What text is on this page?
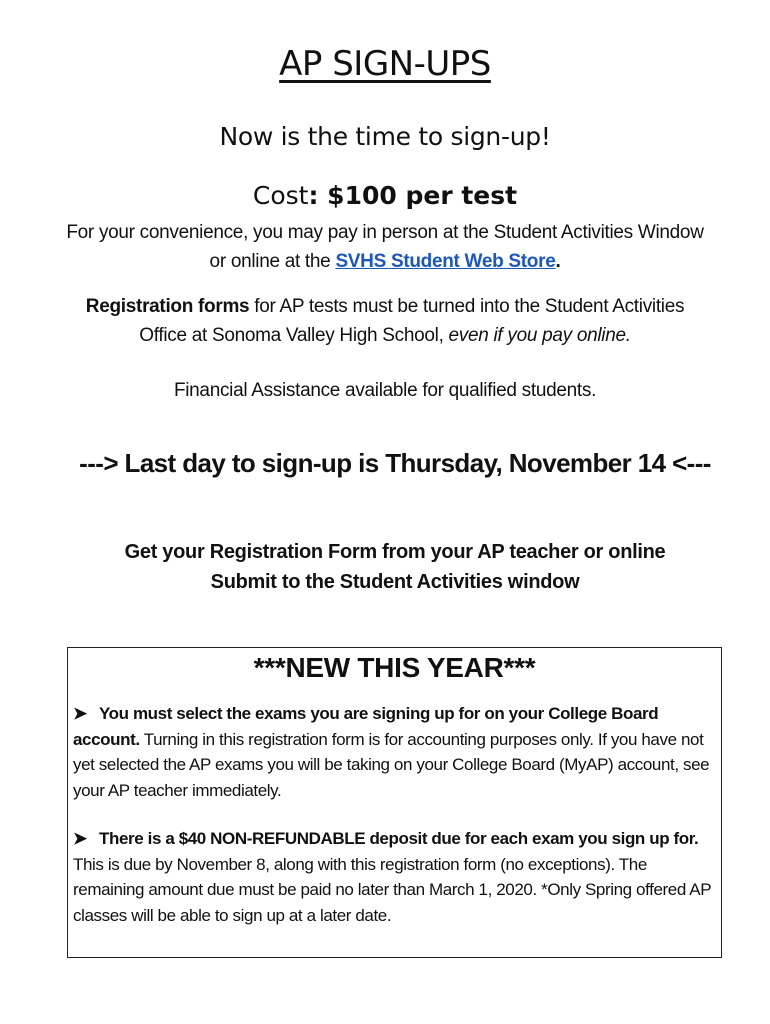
AP SIGN-UPS
Now is the time to sign-up!
Cost: $100 per test
For your convenience, you may pay in person at the Student Activities Window or online at the SVHS Student Web Store.
Registration forms for AP tests must be turned into the Student Activities Office at Sonoma Valley High School, even if you pay online.
Financial Assistance available for qualified students.
---> Last day to sign-up is Thursday, November 14 <---
Get your Registration Form from your AP teacher or online
Submit to the Student Activities window
***NEW THIS YEAR***
➤ You must select the exams you are signing up for on your College Board account. Turning in this registration form is for accounting purposes only. If you have not yet selected the AP exams you will be taking on your College Board (MyAP) account, see your AP teacher immediately.
➤ There is a $40 NON-REFUNDABLE deposit due for each exam you sign up for. This is due by November 8, along with this registration form (no exceptions). The remaining amount due must be paid no later than March 1, 2020. *Only Spring offered AP classes will be able to sign up at a later date.
